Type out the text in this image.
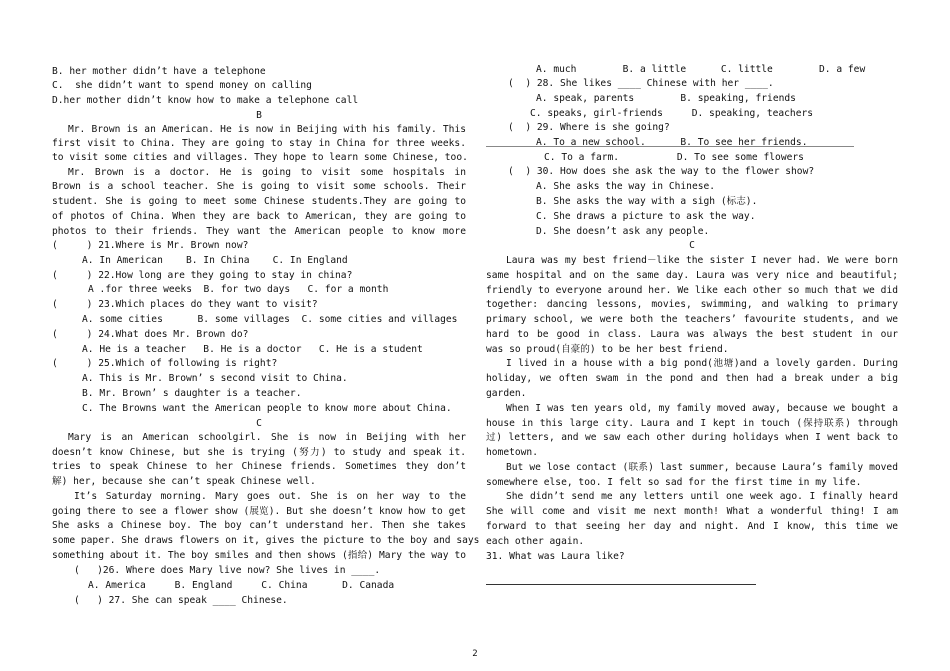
B. her mother didn’t have a telephone
C.  she didn’t want to spend money on calling
D.her mother didn’t know how to make a telephone call
B
Mr. Brown is an American. He is now in Beijing with his family. This
first visit to China. They are going to stay in China for three weeks.
to visit some cities and villages. They hope to learn some Chinese, too.
Mr. Brown is a doctor. He is going to visit some hospitals in
Brown is a school teacher. She is going to visit some schools. Their
student. She is going to meet some Chinese students.They are going to
of photos of China. When they are back to American, they are going to
photos to their friends. They want the American people to know more
(     ) 21.Where is Mr. Brown now?
A. In American    B. In China    C. In England
(     ) 22.How long are they going to stay in china?
A .for three weeks  B. for two days   C. for a month
(     ) 23.Which places do they want to visit?
A. some cities      B. some villages  C. some cities and villages
(     ) 24.What does Mr. Brown do?
A. He is a teacher   B. He is a doctor   C. He is a student
(     ) 25.Which of following is right?
A. This is Mr. Brown’ s second visit to China.
B. Mr. Brown’ s daughter is a teacher.
C. The Browns want the American people to know more about China.
C
Mary is an American schoolgirl. She is now in Beijing with her
doesn’t know Chinese, but she is trying (努力) to study and speak it.
tries to speak Chinese to her Chinese friends. Sometimes they don’t
解) her, because she can’t speak Chinese well.
It’s Saturday morning. Mary goes out. She is on her way to the
going there to see a flower show (展览). But she doesn’t know how to get
She asks a Chinese boy. The boy can’t understand her. Then she takes
some paper. She draws flowers on it, gives the picture to the boy and says
something about it. The boy smiles and then shows (指给) Mary the way to
(   )26. Where does Mary live now? She lives in ____.
A. America     B. England     C. China      D. Canada
(   ) 27. She can speak ____ Chinese.
A. much        B. a little      C. little        D. a few
(  ) 28. She likes ____ Chinese with her ____.
A. speak, parents        B. speaking, friends
C. speaks, girl-friends     D. speaking, teachers
(  ) 29. Where is she going?
A. To a new school.      B. To see her friends.
C. To a farm.          D. To see some flowers
(  ) 30. How does she ask the way to the flower show?
A. She asks the way in Chinese.
B. She asks the way with a sigh (标志).
C. She draws a picture to ask the way.
D. She doesn’t ask any people.
C
Laura was my best friend－like the sister I never had. We were born
same hospital and on the same day. Laura was very nice and beautiful;
friendly to everyone around her. We like each other so much that we did
together: dancing lessons, movies, swimming, and walking to primary
primary school, we were both the teachers’ favourite students, and we
hard to be good in class. Laura was always the best student in our
was so proud(自豪的) to be her best friend.
I lived in a house with a big pond(池塘)and a lovely garden. During
holiday, we often swam in the pond and then had a break under a big
garden.
When I was ten years old, my family moved away, because we bought a
house in this large city. Laura and I kept in touch (保持联系) through
过) letters, and we saw each other during holidays when I went back to
hometown.
But we lose contact (联系) last summer, because Laura’s family moved
somewhere else, too. I felt so sad for the first time in my life.
She didn’t send me any letters until one week ago. I finally heard
She will come and visit me next month! What a wonderful thing! I am
forward to that seeing her day and night. And I know, this time we
each other again.
31. What was Laura like?
2
